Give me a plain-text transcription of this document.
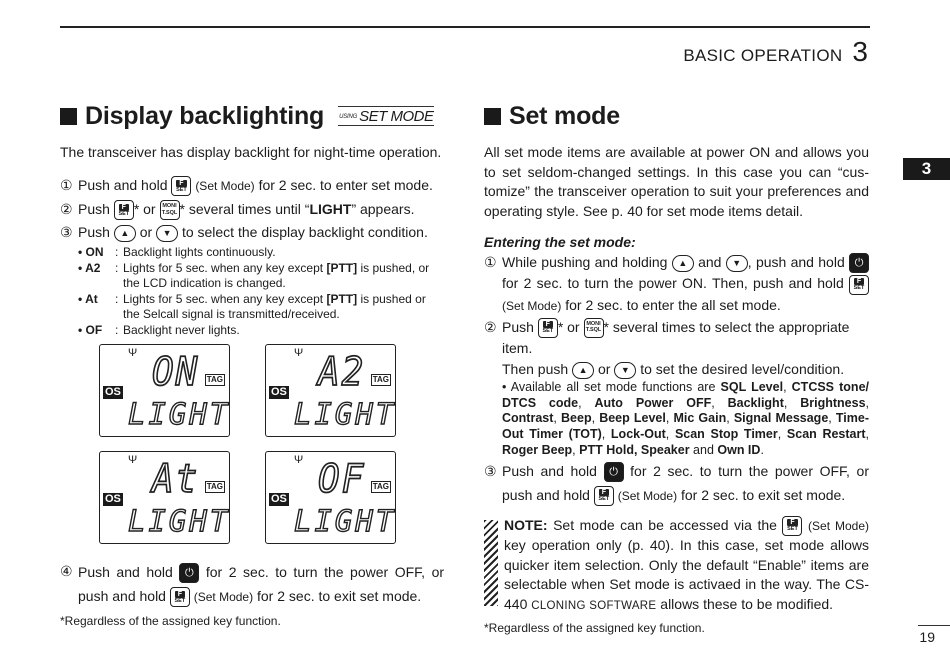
BASIC OPERATION 3
3
Display backlighting	USING SET MODE

The transceiver has display backlight for night-time operation.

① Push and hold	F
SET (Set Mode) for 2 sec. to enter set mode.
② Push	F
SET * or MONI
T.SQL * several times until “LIGHT” appears.
③ Push ▲ or ▼ to select the display backlight condition.
• ON : Backlight lights continuously.
• A2	: Lights for 5 sec. when any key except [PTT] is pushed, or the LCD indication is changed.
• At	: Lights for 5 sec. when any key except [PTT] is pushed or the Selcall signal is transmitted/received.
• OF	: Backlight never lights.
Ψ ON TAG
OS
LIGHT
Ψ A2 TAG
OS
LIGHT
Ψ At TAG
OS
LIGHT
Ψ OF TAG
OS
LIGHT
④ Push and hold ⏻ for 2 sec. to turn the power OFF, or push and hold	F
SET (Set Mode) for 2 sec. to exit set mode.
*Regardless of the assigned key function.
Set mode

All set mode items are available at power ON and allows you to set seldom-changed settings. In this case you can “cus-tomize” the transceiver operation to suit your preferences and operating style. See p. 40 for set mode items detail.

Entering the set mode:
① While pushing and holding ▲ and ▼ , push and hold ⏻ for 2 sec. to turn the power ON. Then, push and hold	F
SET
(Set Mode) for 2 sec. to enter the all set mode.
② Push	F
SET * or MONI
T.SQL * several times to select the appropriate item.
Then push ▲ or ▼ to set the desired level/condition.
• Available all set mode functions are SQL Level, CTCSS tone/ DTCS code, Auto Power OFF, Backlight, Brightness, Contrast, Beep, Beep Level, Mic Gain, Signal Message, Time-Out Timer (TOT), Lock-Out, Scan Stop Timer, Scan Restart, Roger Beep, PTT Hold, Speaker and Own ID.
③ Push and hold ⏻ for 2 sec. to turn the power OFF, or push and hold	F
SET (Set Mode) for 2 sec. to exit set mode.
NOTE: Set mode can be accessed via the	F
SET (Set Mode) key operation only (p. 40). In this case, set mode allows quicker item selection. Only the default “Enable” items are selectable when Set mode is activaed in the way. The CS-440 CLONING SOFTWARE allows these to be modified.
*Regardless of the assigned key function.
19
